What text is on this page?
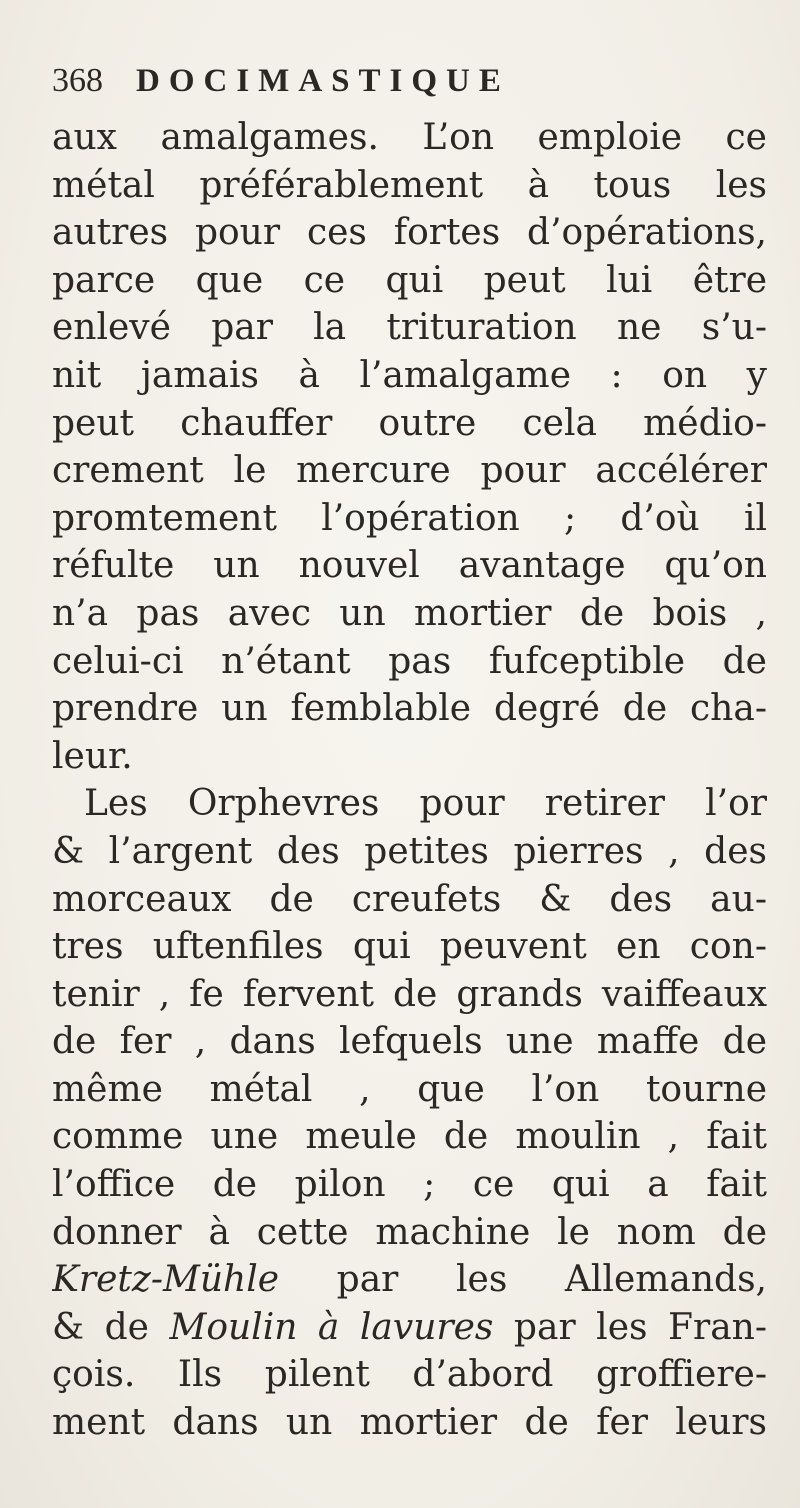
368	DOCIMASTIQUE
aux amalgames. L’on emploie ce
métal préférablement à tous les
autres pour ces fortes d’opérations,
parce que ce qui peut lui être
enlevé par la trituration ne s’u-
nit jamais à l’amalgame : on y
peut chauffer outre cela médio-
crement le mercure pour accélérer
promtement l’opération ; d’où il
réfulte un nouvel avantage qu’on
n’a pas avec un mortier de bois ,
celui-ci n’étant pas fufceptible de
prendre un femblable degré de cha-
leur.
Les Orphevres pour retirer l’or
& l’argent des petites pierres , des
morceaux de creufets & des au-
tres uftenfiles qui peuvent en con-
tenir , fe fervent de grands vaiffeaux
de fer , dans lefquels une maffe de
même métal , que l’on tourne
comme une meule de moulin , fait
l’office de pilon ; ce qui a fait
donner à cette machine le nom de
Kretz-Mühle par les Allemands,
& de Moulin à lavures par les Fran-
çois. Ils pilent d’abord groffiere-
ment dans un mortier de fer leurs
